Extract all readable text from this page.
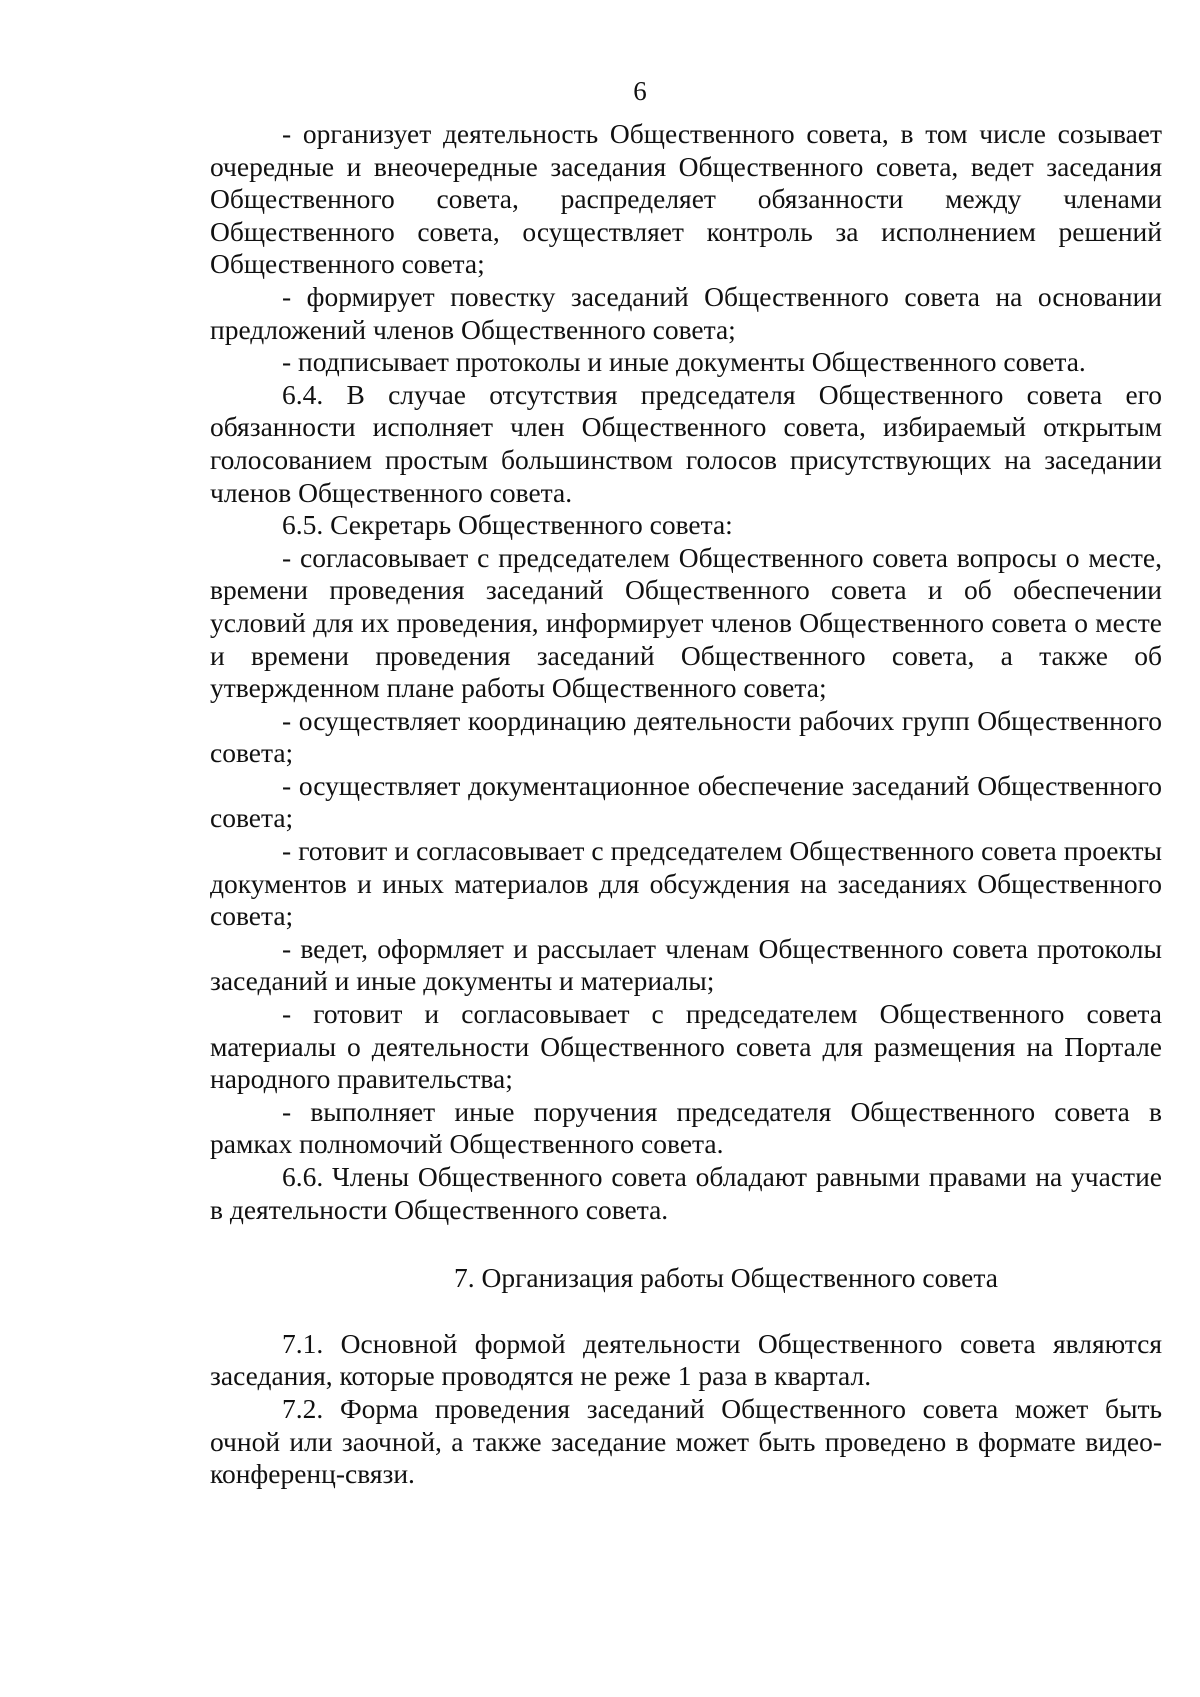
6

- организует деятельность Общественного совета, в том числе созывает очередные и внеочередные заседания Общественного совета, ведет заседания Общественного совета, распределяет обязанности между членами Общественного совета, осуществляет контроль за исполнением решений Общественного совета;

- формирует повестку заседаний Общественного совета на основании предложений членов Общественного совета;

- подписывает протоколы и иные документы Общественного совета.

6.4. В случае отсутствия председателя Общественного совета его обязанности исполняет член Общественного совета, избираемый открытым голосованием простым большинством голосов присутствующих на заседании членов Общественного совета.

6.5. Секретарь Общественного совета:

- согласовывает с председателем Общественного совета вопросы о месте, времени проведения заседаний Общественного совета и об обеспечении условий для их проведения, информирует членов Общественного совета о месте и времени проведения заседаний Общественного совета, а также об утвержденном плане работы Общественного совета;

- осуществляет координацию деятельности рабочих групп Общественного совета;

- осуществляет документационное обеспечение заседаний Общественного совета;

- готовит и согласовывает с председателем Общественного совета проекты документов и иных материалов для обсуждения на заседаниях Общественного совета;

- ведет, оформляет и рассылает членам Общественного совета протоколы заседаний и иные документы и материалы;

- готовит и согласовывает с председателем Общественного совета материалы о деятельности Общественного совета для размещения на Портале народного правительства;

- выполняет иные поручения председателя Общественного совета в рамках полномочий Общественного совета.

6.6. Члены Общественного совета обладают равными правами на участие в деятельности Общественного совета.

7. Организация работы Общественного совета

7.1. Основной формой деятельности Общественного совета являются заседания, которые проводятся не реже 1 раза в квартал.

7.2. Форма проведения заседаний Общественного совета может быть очной или заочной, а также заседание может быть проведено в формате видео-конференц-связи.
